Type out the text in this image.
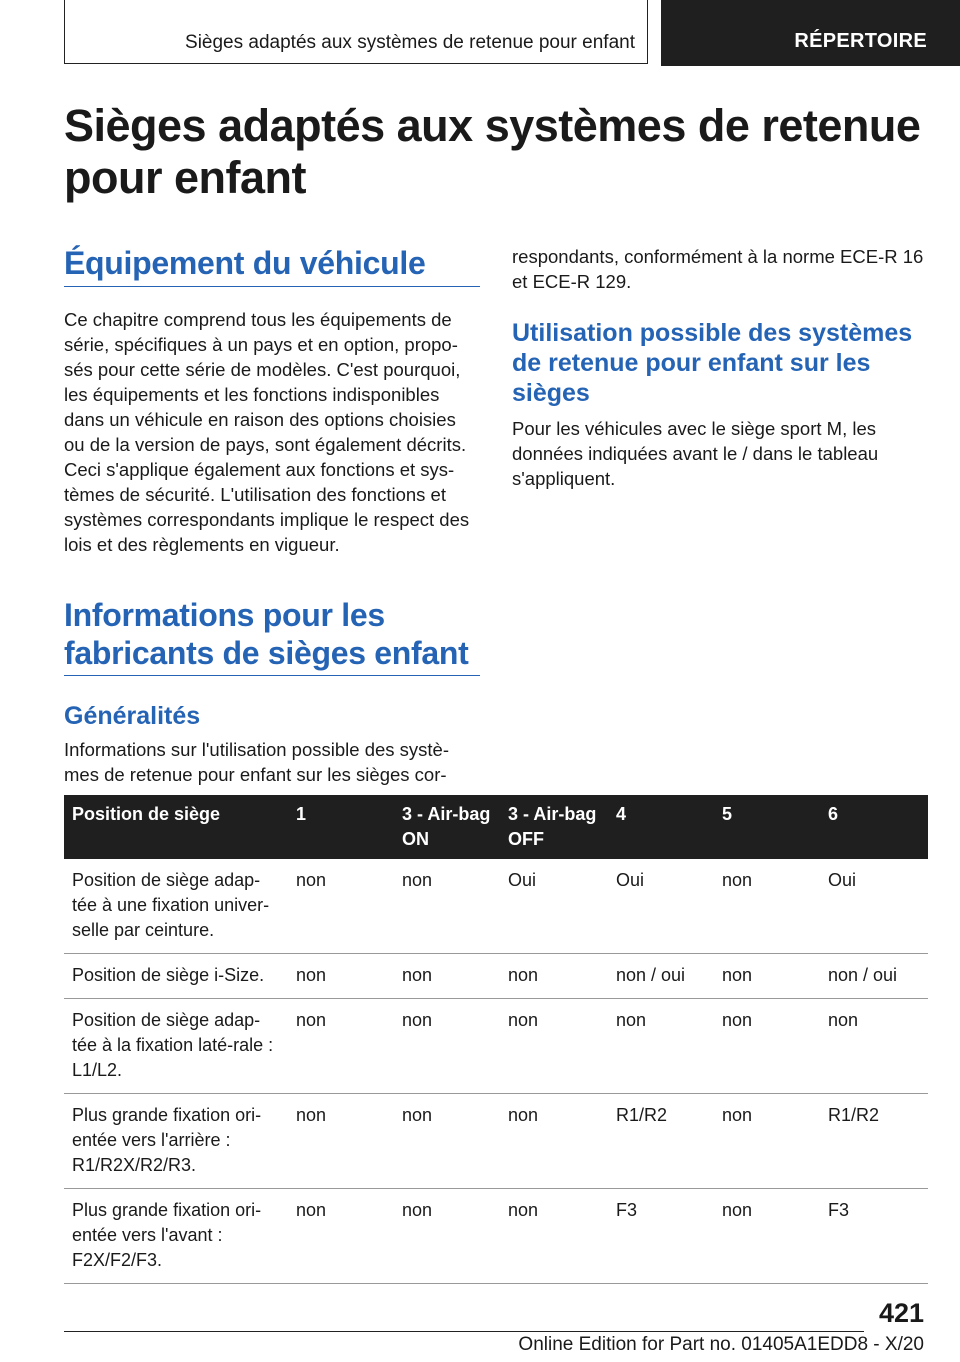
Sièges adaptés aux systèmes de retenue pour enfant	RÉPERTOIRE
Sièges adaptés aux systèmes de retenue pour enfant
Équipement du véhicule

Ce chapitre comprend tous les équipements de série, spécifiques à un pays et en option, propo-sés pour cette série de modèles. C'est pourquoi, les équipements et les fonctions indisponibles dans un véhicule en raison des options choisies ou de la version de pays, sont également décrits. Ceci s'applique également aux fonctions et sys-tèmes de sécurité. L'utilisation des fonctions et systèmes correspondants implique le respect des lois et des règlements en vigueur.

Informations pour les fabricants de sièges enfant
Généralités

Informations sur l'utilisation possible des systè-mes de retenue pour enfant sur les sièges cor-

respondants, conformément à la norme ECE-R 16 et ECE-R 129.

Utilisation possible des systèmes de retenue pour enfant sur les sièges

Pour les véhicules avec le siège sport M, les données indiquées avant le / dans le tableau s'appliquent.

Position de siège	1	3 - Air-bag ON	3 - Air-bag OFF	4	5	6
Position de siège adap-tée à une fixation univer-selle par ceinture.	non	non	Oui	Oui	non	Oui
Position de siège i-Size.	non	non	non	non / oui	non	non / oui
Position de siège adap-tée à la fixation laté-rale : L1/L2.	non	non	non	non	non	non
Plus grande fixation ori-entée vers l'arrière : R1/R2X/R2/R3.	non	non	non	R1/R2	non	R1/R2
Plus grande fixation ori-entée vers l'avant : F2X/F2/F3.	non	non	non	F3	non	F3
421
Online Edition for Part no. 01405A1EDD8 - X/20
